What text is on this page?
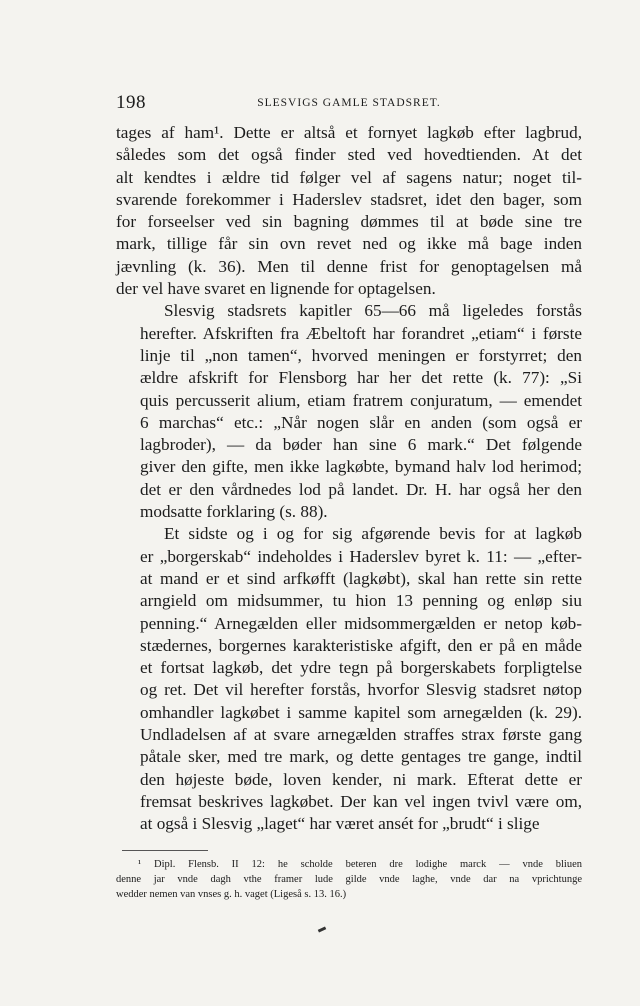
198	SLESVIGS GAMLE STADSRET.

tages af ham¹. Dette er altså et fornyet lagkøb efter lagbrud,
således som det også finder sted ved hovedtienden. At det
alt kendtes i ældre tid følger vel af sagens natur; noget til-
svarende forekommer i Haderslev stadsret, idet den bager, som
for forseelser ved sin bagning dømmes til at bøde sine tre
mark, tillige får sin ovn revet ned og ikke må bage inden
jævnling (k. 36). Men til denne frist for genoptagelsen må
der vel have svaret en lignende for optagelsen.

Slesvig stadsrets kapitler 65—66 må ligeledes forstås
herefter. Afskriften fra Æbeltoft har forandret „etiam“ i første
linje til „non tamen“, hvorved meningen er forstyrret; den
ældre afskrift for Flensborg har her det rette (k. 77): „Si
quis percusserit alium, etiam fratrem conjuratum, — emendet
6 marchas“ etc.: „Når nogen slår en anden (som også er
lagbroder), — da bøder han sine 6 mark.“ Det følgende
giver den gifte, men ikke lagkøbte, bymand halv lod herimod;
det er den vårdnedes lod på landet. Dr. H. har også her den
modsatte forklaring (s. 88).

Et sidste og i og for sig afgørende bevis for at lagkøb
er „borgerskab“ indeholdes i Haderslev byret k. 11: — „efter-
at mand er et sind arfkøfft (lagkøbt), skal han rette sin rette
arngield om midsummer, tu hion 13 penning og enløp siu
penning.“ Arnegælden eller midsommergælden er netop køb-
stædernes, borgernes karakteristiske afgift, den er på en måde
et fortsat lagkøb, det ydre tegn på borgerskabets forpligtelse
og ret. Det vil herefter forstås, hvorfor Slesvig stadsret nøtop
omhandler lagkøbet i samme kapitel som arnegælden (k. 29).
Undladelsen af at svare arnegælden straffes strax første gang
påtale sker, med tre mark, og dette gentages tre gange, indtil
den højeste bøde, loven kender, ni mark. Efterat dette er
fremsat beskrives lagkøbet. Der kan vel ingen tvivl være om,
at også i Slesvig „laget“ har været ansét for „brudt“ i slige

¹ Dipl. Flensb. II 12: he scholde beteren dre lodighe marck — vnde bliuen
denne jar vnde dagh vthe framer lude gilde vnde laghe, vnde dar na vprichtunge
wedder nemen van vnses g. h. vaget (Ligeså s. 13. 16.)
